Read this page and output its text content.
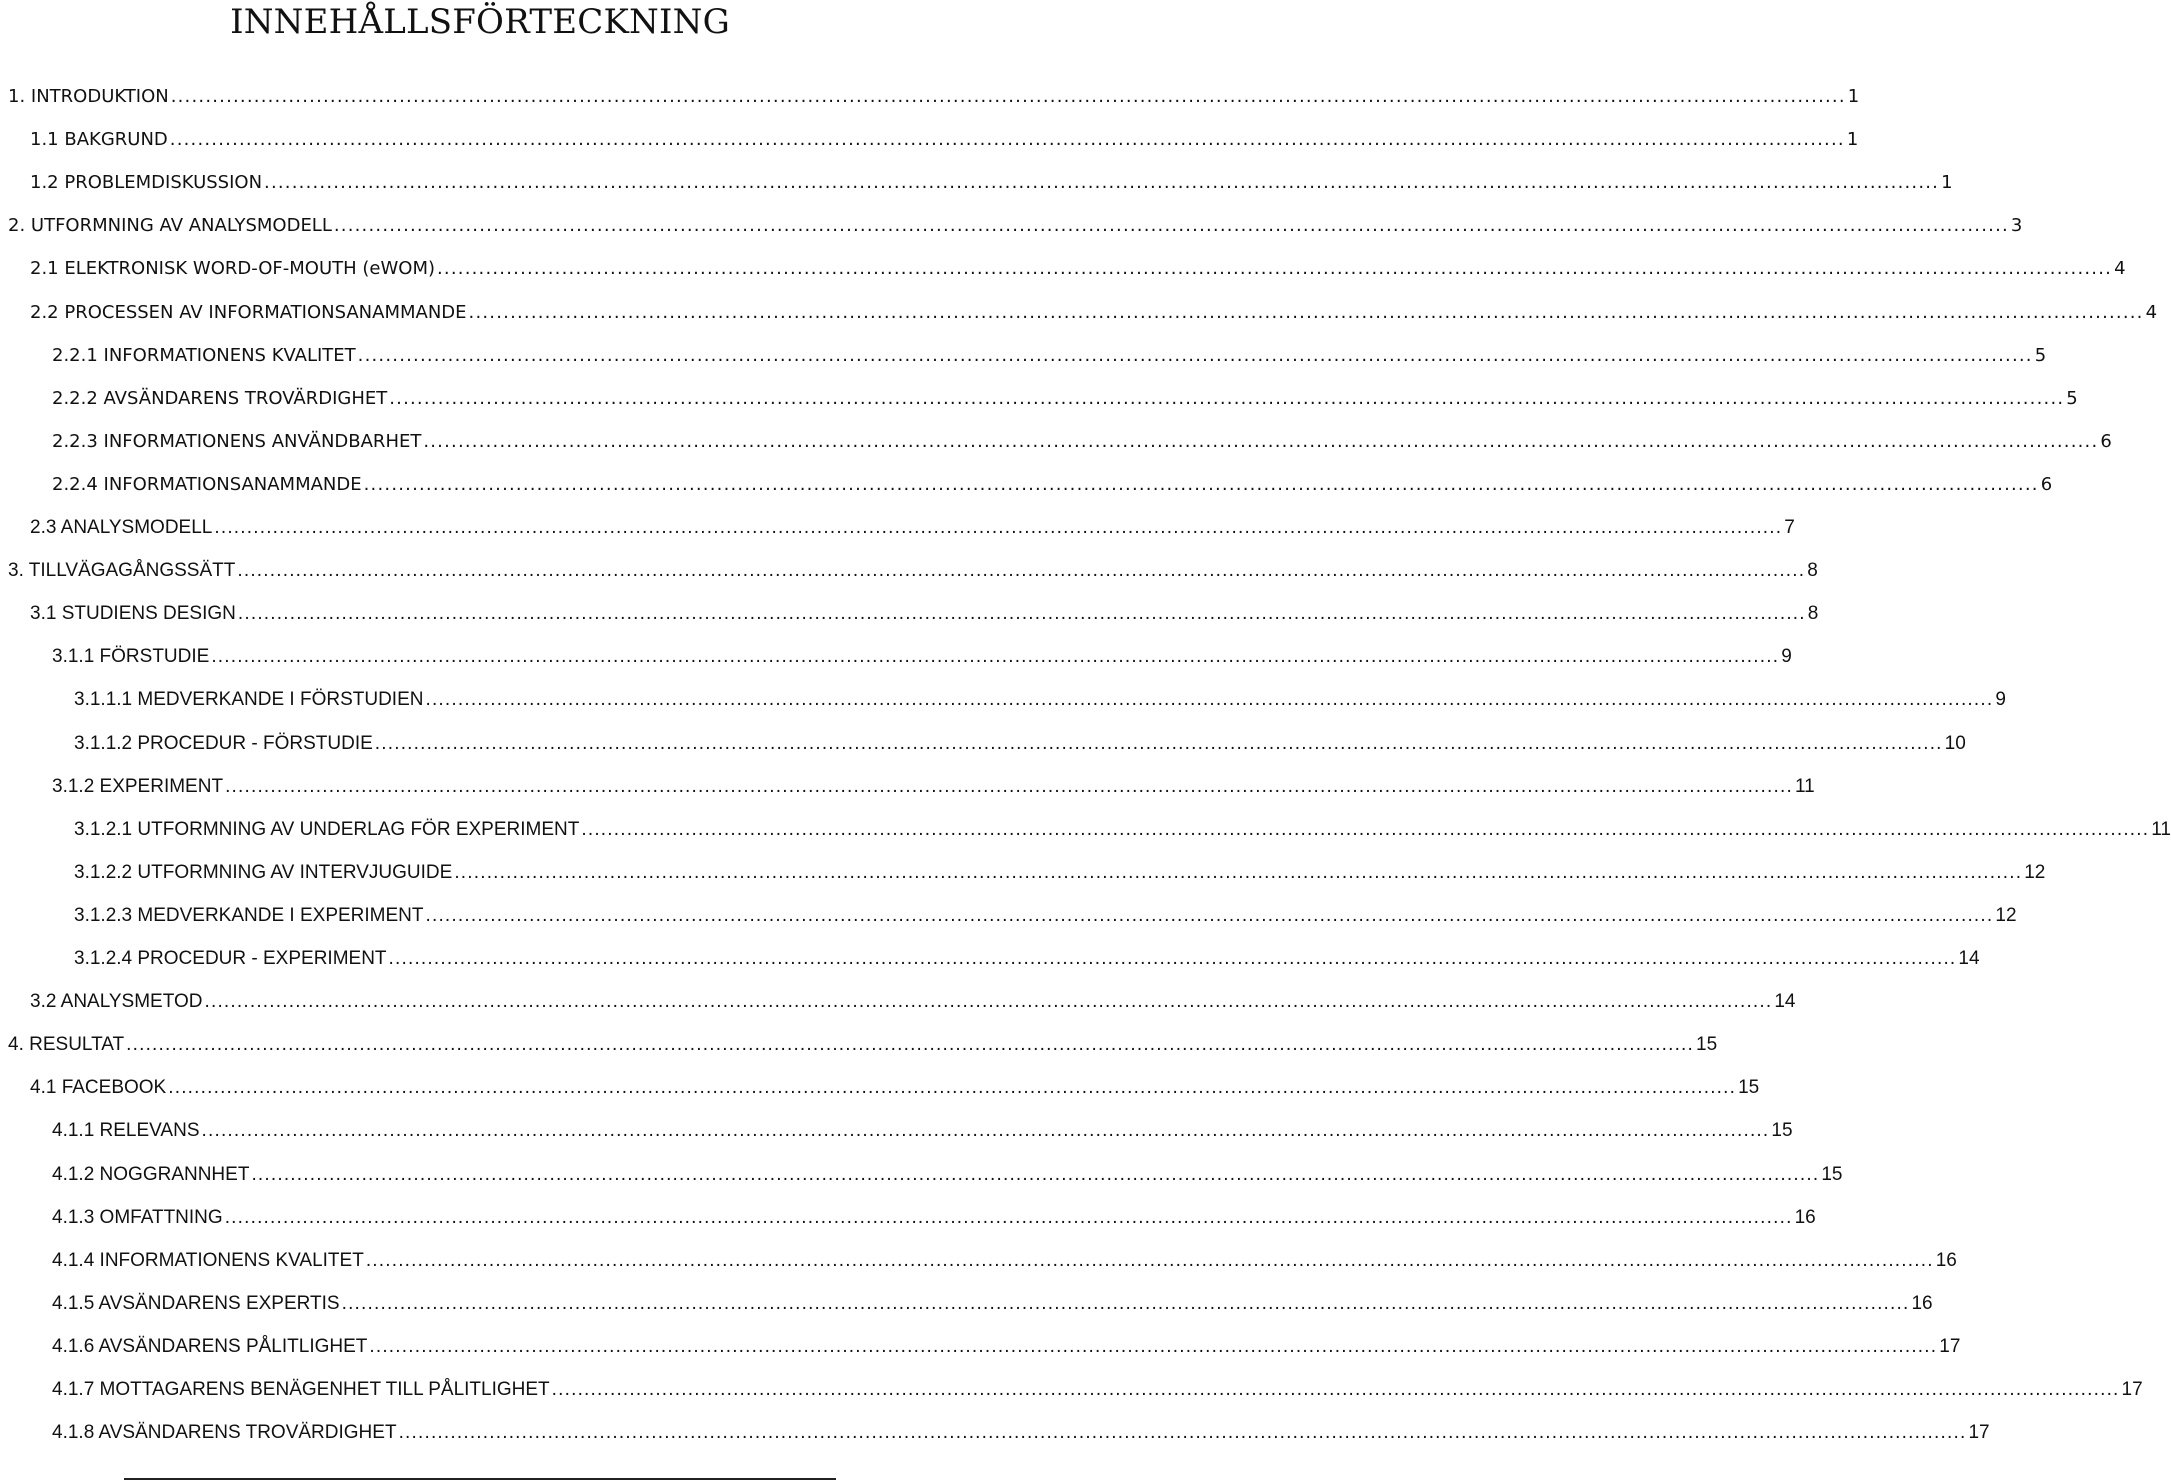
INNEHÅLLSFÖRTECKNING
1. INTRODUKTION .................................................................................................................................................................................................................................................. 1
1.1 BAKGRUND .................................................................................................................................................................................................................................................. 1
1.2 PROBLEMDISKUSSION .................................................................................................................................................................................................................................................. 1
2. UTFORMNING AV ANALYSMODELL .................................................................................................................................................................................................................................................. 3
2.1 ELEKTRONISK WORD-OF-MOUTH (eWOM) .................................................................................................................................................................................................................................................. 4
2.2 PROCESSEN AV INFORMATIONSANAMMANDE .................................................................................................................................................................................................................................................. 4
2.2.1 INFORMATIONENS KVALITET .................................................................................................................................................................................................................................................. 5
2.2.2 AVSÄNDARENS TROVÄRDIGHET .................................................................................................................................................................................................................................................. 5
2.2.3 INFORMATIONENS ANVÄNDBARHET .................................................................................................................................................................................................................................................. 6
2.2.4 INFORMATIONSANAMMANDE .................................................................................................................................................................................................................................................. 6
2.3 ANALYSMODELL .................................................................................................................................................................................................................................................. 7
3. TILLVÄGAGÅNGSSÄTT .................................................................................................................................................................................................................................................. 8
3.1 STUDIENS DESIGN .................................................................................................................................................................................................................................................. 8
3.1.1 FÖRSTUDIE .................................................................................................................................................................................................................................................. 9
3.1.1.1 MEDVERKANDE I FÖRSTUDIEN .................................................................................................................................................................................................................................................. 9
3.1.1.2 PROCEDUR - FÖRSTUDIE .................................................................................................................................................................................................................................................. 10
3.1.2 EXPERIMENT .................................................................................................................................................................................................................................................. 11
3.1.2.1 UTFORMNING AV UNDERLAG FÖR EXPERIMENT .................................................................................................................................................................................................................................................. 11
3.1.2.2 UTFORMNING AV INTERVJUGUIDE .................................................................................................................................................................................................................................................. 12
3.1.2.3 MEDVERKANDE I EXPERIMENT .................................................................................................................................................................................................................................................. 12
3.1.2.4 PROCEDUR - EXPERIMENT .................................................................................................................................................................................................................................................. 14
3.2 ANALYSMETOD .................................................................................................................................................................................................................................................. 14
4. RESULTAT .................................................................................................................................................................................................................................................. 15
4.1 FACEBOOK .................................................................................................................................................................................................................................................. 15
4.1.1 RELEVANS .................................................................................................................................................................................................................................................. 15
4.1.2 NOGGRANNHET .................................................................................................................................................................................................................................................. 15
4.1.3 OMFATTNING .................................................................................................................................................................................................................................................. 16
4.1.4 INFORMATIONENS KVALITET .................................................................................................................................................................................................................................................. 16
4.1.5 AVSÄNDARENS EXPERTIS .................................................................................................................................................................................................................................................. 16
4.1.6 AVSÄNDARENS PÅLITLIGHET .................................................................................................................................................................................................................................................. 17
4.1.7 MOTTAGARENS BENÄGENHET TILL PÅLITLIGHET .................................................................................................................................................................................................................................................. 17
4.1.8 AVSÄNDARENS TROVÄRDIGHET .................................................................................................................................................................................................................................................. 17
